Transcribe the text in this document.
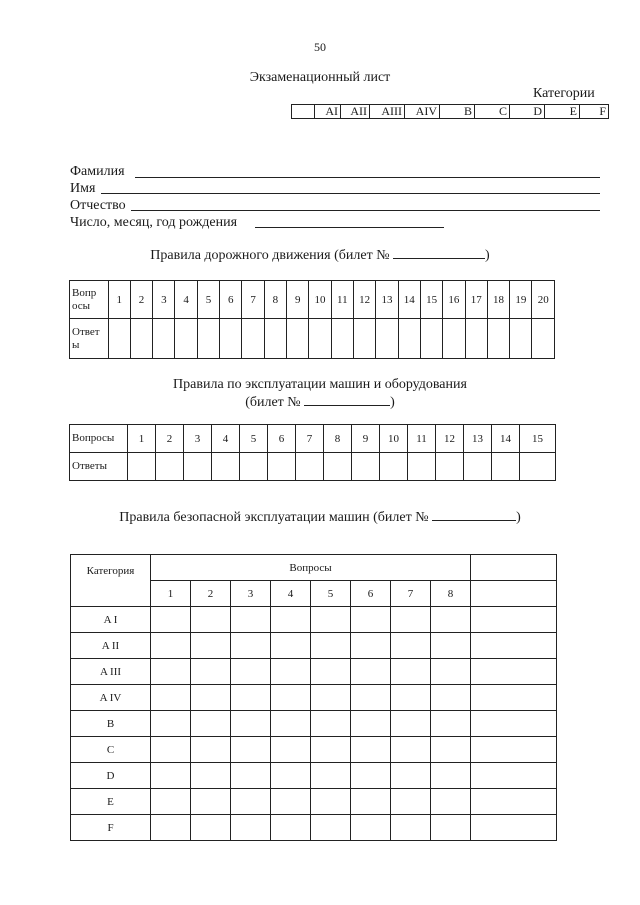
50
Экзаменационный лист
Категории
	AI	AII	AIII	AIV	B	C	D	E	F
Фамилия
Имя
Отчество
Число, месяц, год рождения
Правила дорожного движения (билет №	)
Вопр осы	1	2	3	4	5	6	7	8	9	10	11	12	13	14	15	16	17	18	19	20
Ответ ы																				
Правила по эксплуатации машин и оборудования
(билет №	)
Вопросы	1	2	3	4	5	6	7	8	9	10	11	12	13	14	15
Ответы															
Правила безопасной эксплуатации машин (билет №	)
Категория	Вопросы								
	1	2	3	4	5	6	7	8	
A I									
A II									
A III									
A IV									
B									
C									
D									
E									
F									
